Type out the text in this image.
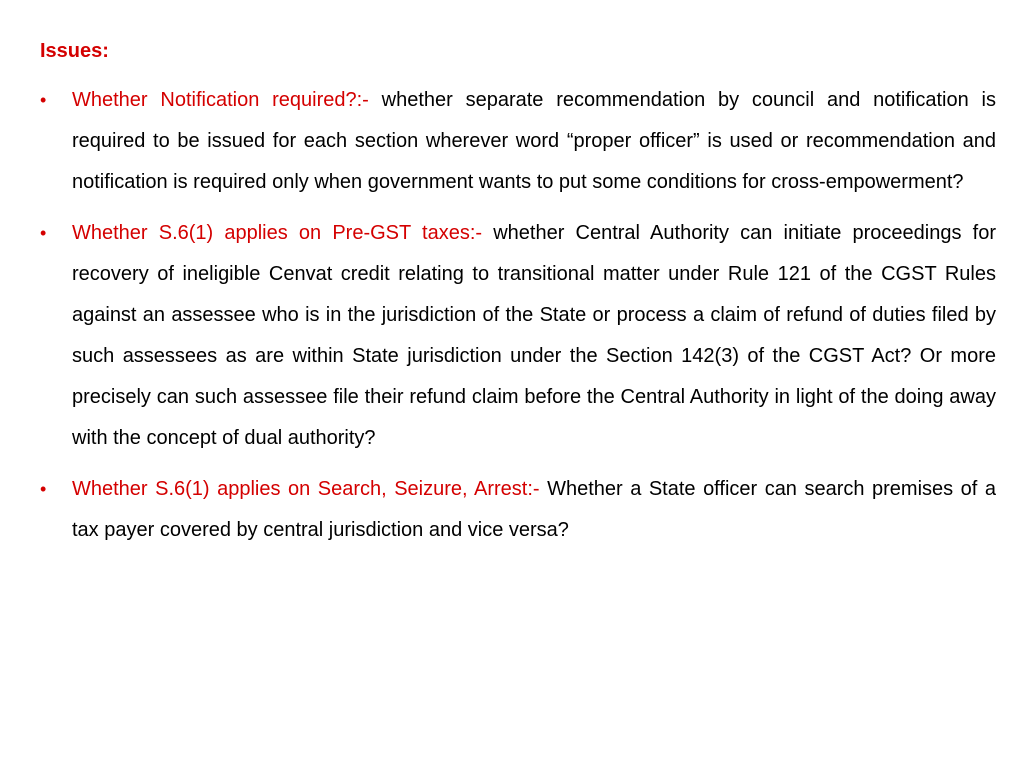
Issues:
• Whether Notification required?:- whether separate recommendation by council and notification is required to be issued for each section wherever word “proper officer” is used or recommendation and notification is required only when government wants to put some conditions for cross-empowerment?
• Whether S.6(1) applies on Pre-GST taxes:- whether Central Authority can initiate proceedings for recovery of ineligible Cenvat credit relating to transitional matter under Rule 121 of the CGST Rules against an assessee who is in the jurisdiction of the State or process a claim of refund of duties filed by such assessees as are within State jurisdiction under the Section 142(3) of the CGST Act? Or more precisely can such assessee file their refund claim before the Central Authority in light of the doing away with the concept of dual authority?
• Whether S.6(1) applies on Search, Seizure, Arrest:- Whether a State officer can search premises of a tax payer covered by central jurisdiction and vice versa?
